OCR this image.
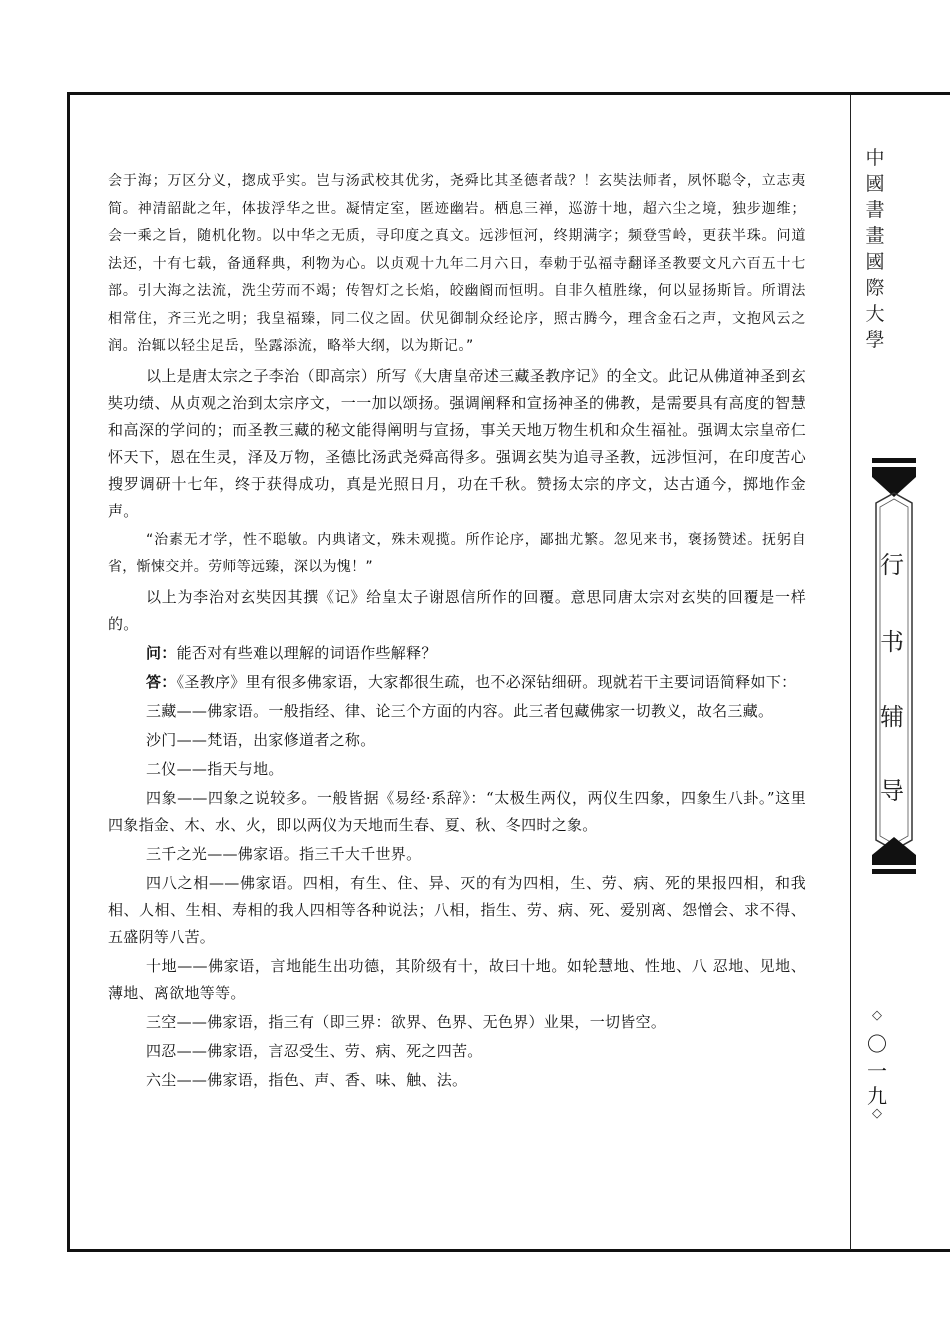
会于海；万区分义，揔成乎实。岂与汤武校其优劣，尧舜比其圣德者哉？！玄奘法师者，夙怀聪令，立志夷简。神清韶龀之年，体拔浮华之世。凝情定室，匿迹幽岩。栖息三禅，巡游十地，超六尘之境，独步迦维；会一乘之旨，随机化物。以中华之无质，寻印度之真文。远涉恒河，终期满字；频登雪岭，更获半珠。问道法还，十有七载，备通释典，利物为心。以贞观十九年二月六日，奉勅于弘福寺翻译圣教要文凡六百五十七部。引大海之法流，洗尘劳而不竭；传智灯之长焰，皎幽阍而恒明。自非久植胜缘，何以显扬斯旨。所谓法相常住，齐三光之明；我皇福臻，同二仪之固。伏见御制众经论序，照古腾今，理含金石之声，文抱风云之润。治辄以轻尘足岳，坠露添流，略举大纲，以为斯记。”

以上是唐太宗之子李治（即高宗）所写《大唐皇帝述三藏圣教序记》的全文。此记从佛道神圣到玄奘功绩、从贞观之治到太宗序文，一一加以颂扬。强调阐释和宣扬神圣的佛教，是需要具有高度的智慧和高深的学问的；而圣教三藏的秘文能得阐明与宣扬，事关天地万物生机和众生福祉。强调太宗皇帝仁怀天下，恩在生灵，泽及万物，圣德比汤武尧舜高得多。强调玄奘为追寻圣教，远涉恒河，在印度苦心搜罗调研十七年，终于获得成功，真是光照日月，功在千秋。赞扬太宗的序文，达古通今，掷地作金声。

“治素无才学，性不聪敏。内典诸文，殊未观揽。所作论序，鄙拙尤繁。忽见来书，褒扬赞述。抚躬自省，惭悚交并。劳师等远臻，深以为愧！”

以上为李治对玄奘因其撰《记》给皇太子谢恩信所作的回覆。意思同唐太宗对玄奘的回覆是一样的。

问：能否对有些难以理解的词语作些解释？

答：《圣教序》里有很多佛家语，大家都很生疏，也不必深钻细研。现就若干主要词语简释如下：

三藏——佛家语。一般指经、律、论三个方面的内容。此三者包藏佛家一切教义，故名三藏。

沙门——梵语，出家修道者之称。

二仪——指天与地。

四象——四象之说较多。一般皆据《易经·系辞》：“太极生两仪，两仪生四象，四象生八卦。”这里四象指金、木、水、火，即以两仪为天地而生春、夏、秋、冬四时之象。

三千之光——佛家语。指三千大千世界。

四八之相——佛家语。四相，有生、住、异、灭的有为四相，生、劳、病、死的果报四相，和我相、人相、生相、寿相的我人四相等各种说法；八相，指生、劳、病、死、爱别离、怨憎会、求不得、五盛阴等八苦。

十地——佛家语，言地能生出功德，其阶级有十，故曰十地。如轮慧地、性地、八 忍地、见地、薄地、离欲地等等。

三空——佛家语，指三有（即三界：欲界、色界、无色界）业果，一切皆空。

四忍——佛家语，言忍受生、劳、病、死之四苦。

六尘——佛家语，指色、声、香、味、触、法。

中
國
書
畫
國
際
大
學
行
书
辅
导
◇
〇
一
九
◇
